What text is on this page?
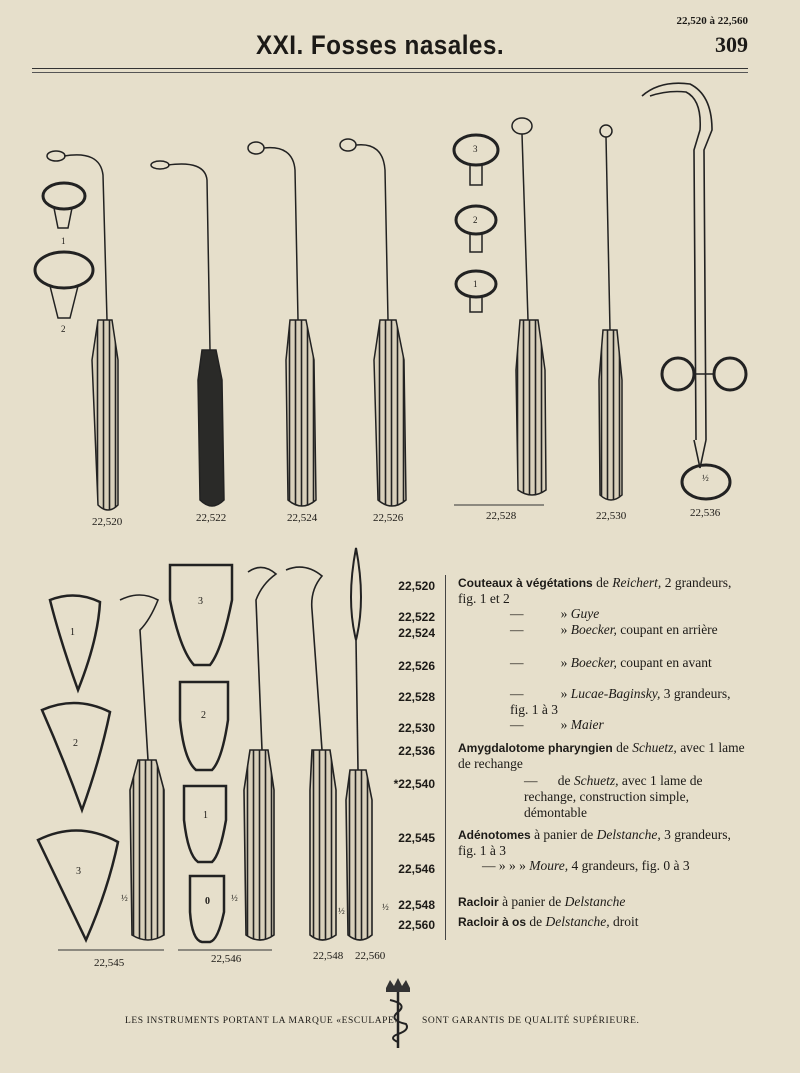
XXI. Fosses nasales.
22,520 à 22,560
309
22,520	22,522	22,524	22,526	22,528	22,530	22,536
22,545	22,546	22,548 22,560
1
2
3
2
1
1
2
3
3
2
1
0
½	½
½	½
½
22,520 Couteaux à végétations de Reichert, 2 grandeurs, fig. 1 et 2
22,522	—	» Guye
22,524	—	» Boecker, coupant en arrière
22,526	—	» Boecker, coupant en avant
22,528	—	» Lucae-Baginsky, 3 grandeurs, fig. 1 à 3
22,530	—	» Maier
22,536 Amygdalotome pharyngien de Schuetz, avec 1 lame de rechange
*22,540	—      de Schuetz, avec 1 lame de rechange, construction simple, démontable
22,545 Adénotomes à panier de Delstanche, 3 grandeurs, fig. 1 à 3
22,546	— » » » Moure, 4 grandeurs, fig. 0 à 3
22,548 Racloir à panier de Delstanche
22,560 Racloir à os de Delstanche, droit
LES INSTRUMENTS PORTANT LA MARQUE «ESCULAPE» SONT GARANTIS DE QUALITÉ SUPÉRIEURE.
